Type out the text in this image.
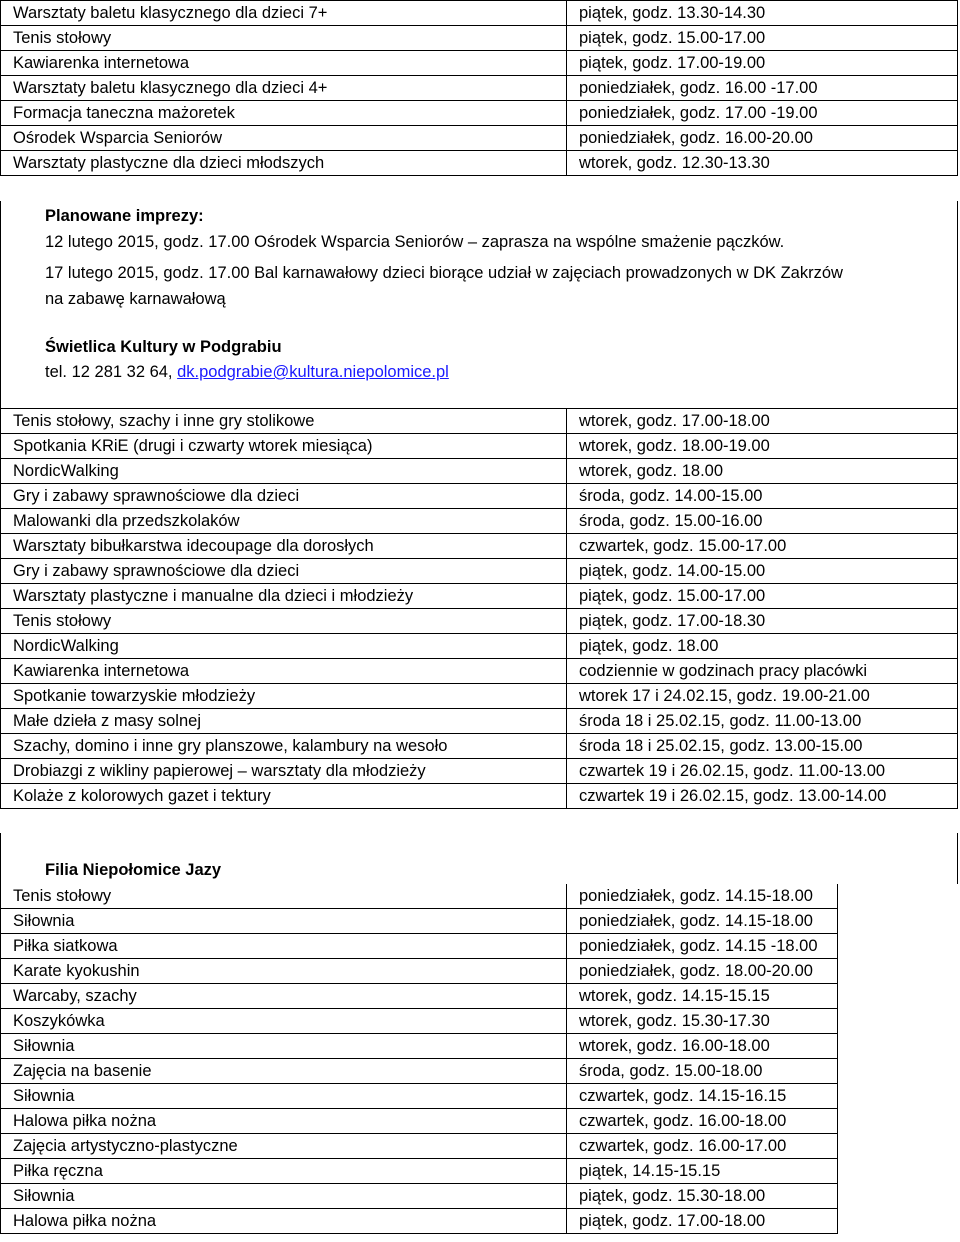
Warsztaty baletu klasycznego dla dzieci 7+	piątek, godz. 13.30-14.30
Tenis stołowy	piątek, godz. 15.00-17.00
Kawiarenka internetowa	piątek, godz. 17.00-19.00
Warsztaty baletu klasycznego dla dzieci 4+	poniedziałek, godz. 16.00 -17.00
Formacja taneczna mażoretek	poniedziałek, godz. 17.00 -19.00
Ośrodek Wsparcia Seniorów	poniedziałek, godz. 16.00-20.00
Warsztaty plastyczne dla dzieci młodszych	wtorek, godz. 12.30-13.30
Planowane imprezy:
12 lutego 2015, godz. 17.00 Ośrodek Wsparcia Seniorów – zaprasza na wspólne smażenie pączków.
17 lutego 2015, godz. 17.00 Bal karnawałowy dzieci biorące udział w zajęciach prowadzonych w DK Zakrzów
na zabawę karnawałową
Świetlica Kultury w Podgrabiu
tel. 12 281 32 64, dk.podgrabie@kultura.niepolomice.pl
Tenis stołowy, szachy i inne gry stolikowe	wtorek, godz. 17.00-18.00
Spotkania KRiE (drugi i czwarty wtorek miesiąca)	wtorek, godz. 18.00-19.00
NordicWalking	wtorek, godz. 18.00
Gry i zabawy sprawnościowe dla dzieci	środa, godz. 14.00-15.00
Malowanki dla przedszkolaków	środa, godz. 15.00-16.00
Warsztaty bibułkarstwa idecoupage dla dorosłych	czwartek, godz. 15.00-17.00
Gry i zabawy sprawnościowe dla dzieci	piątek, godz. 14.00-15.00
Warsztaty plastyczne i manualne dla dzieci i młodzieży	piątek, godz. 15.00-17.00
Tenis stołowy	piątek, godz. 17.00-18.30
NordicWalking	piątek, godz. 18.00
Kawiarenka internetowa	codziennie w godzinach pracy placówki
Spotkanie towarzyskie młodzieży	wtorek 17 i 24.02.15, godz. 19.00-21.00
Małe dzieła z masy solnej	środa 18 i 25.02.15, godz. 11.00-13.00
Szachy, domino i inne gry planszowe, kalambury na wesoło	środa 18 i 25.02.15, godz. 13.00-15.00
Drobiazgi z wikliny papierowej – warsztaty dla młodzieży	czwartek 19 i 26.02.15, godz. 11.00-13.00
Kolaże z kolorowych gazet i tektury	czwartek 19 i 26.02.15, godz. 13.00-14.00
Filia Niepołomice Jazy
Tenis stołowy	poniedziałek, godz. 14.15-18.00
Siłownia	poniedziałek, godz. 14.15-18.00
Piłka siatkowa	poniedziałek, godz. 14.15 -18.00
Karate kyokushin	poniedziałek, godz. 18.00-20.00
Warcaby, szachy	wtorek, godz. 14.15-15.15
Koszykówka	wtorek, godz. 15.30-17.30
Siłownia	wtorek, godz. 16.00-18.00
Zajęcia na basenie	środa, godz. 15.00-18.00
Siłownia	czwartek, godz. 14.15-16.15
Halowa piłka nożna	czwartek, godz. 16.00-18.00
Zajęcia artystyczno-plastyczne	czwartek, godz. 16.00-17.00
Piłka ręczna	piątek, 14.15-15.15
Siłownia	piątek, godz. 15.30-18.00
Halowa piłka nożna	piątek, godz. 17.00-18.00
